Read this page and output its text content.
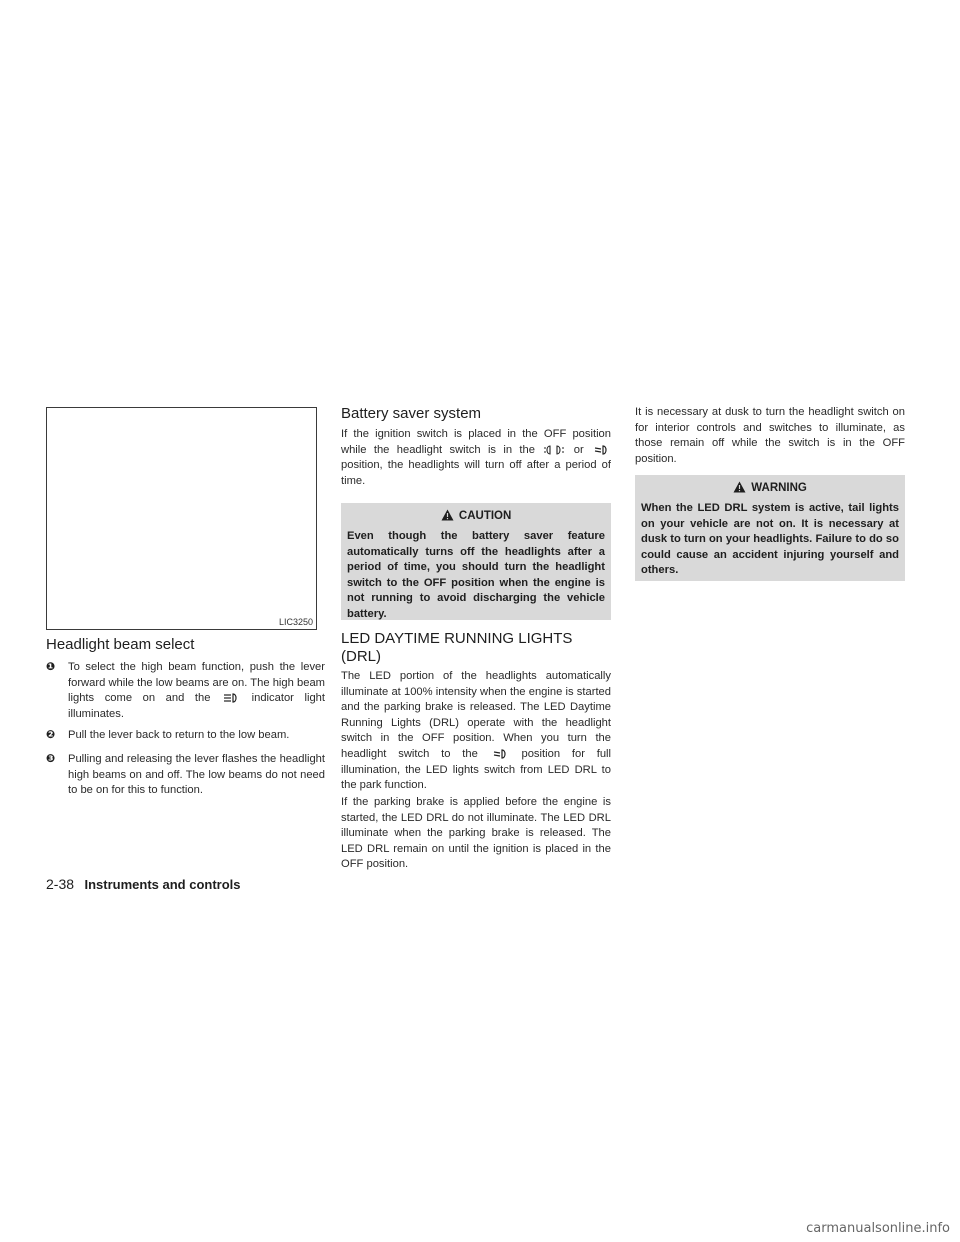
LIC3250
Headlight beam select
❶ To select the high beam function, push the lever forward while the low beams are on. The high beam lights come on and the	indicator light illuminates.
❷ Pull the lever back to return to the low beam.
❸ Pulling and releasing the lever flashes the headlight high beams on and off. The low beams do not need to be on for this to function.
Battery saver system

If the ignition switch is placed in the OFF position while the headlight switch is in the	or  position, the headlights will turn off after a period of time.

CAUTION
Even though the battery saver feature automatically turns off the headlights after a period of time, you should turn the headlight switch to the OFF position when the engine is not running to avoid discharging the vehicle battery.
LED DAYTIME RUNNING LIGHTS (DRL)

The LED portion of the headlights automatically illuminate at 100% intensity when the engine is started and the parking brake is released. The LED Daytime Running Lights (DRL) operate with the headlight switch in the OFF position. When you turn the headlight switch to the	position for full illumination, the LED lights switch from LED DRL to the park function.

If the parking brake is applied before the engine is started, the LED DRL do not illuminate. The LED DRL illuminate when the parking brake is released. The LED DRL remain on until the ignition is placed in the OFF position.

It is necessary at dusk to turn the headlight switch on for interior controls and switches to illuminate, as those remain off while the switch is in the OFF position.

WARNING
When the LED DRL system is active, tail lights on your vehicle are not on. It is necessary at dusk to turn on your headlights. Failure to do so could cause an accident injuring yourself and others.
2-38 Instruments and controls
carmanualsonline.info
